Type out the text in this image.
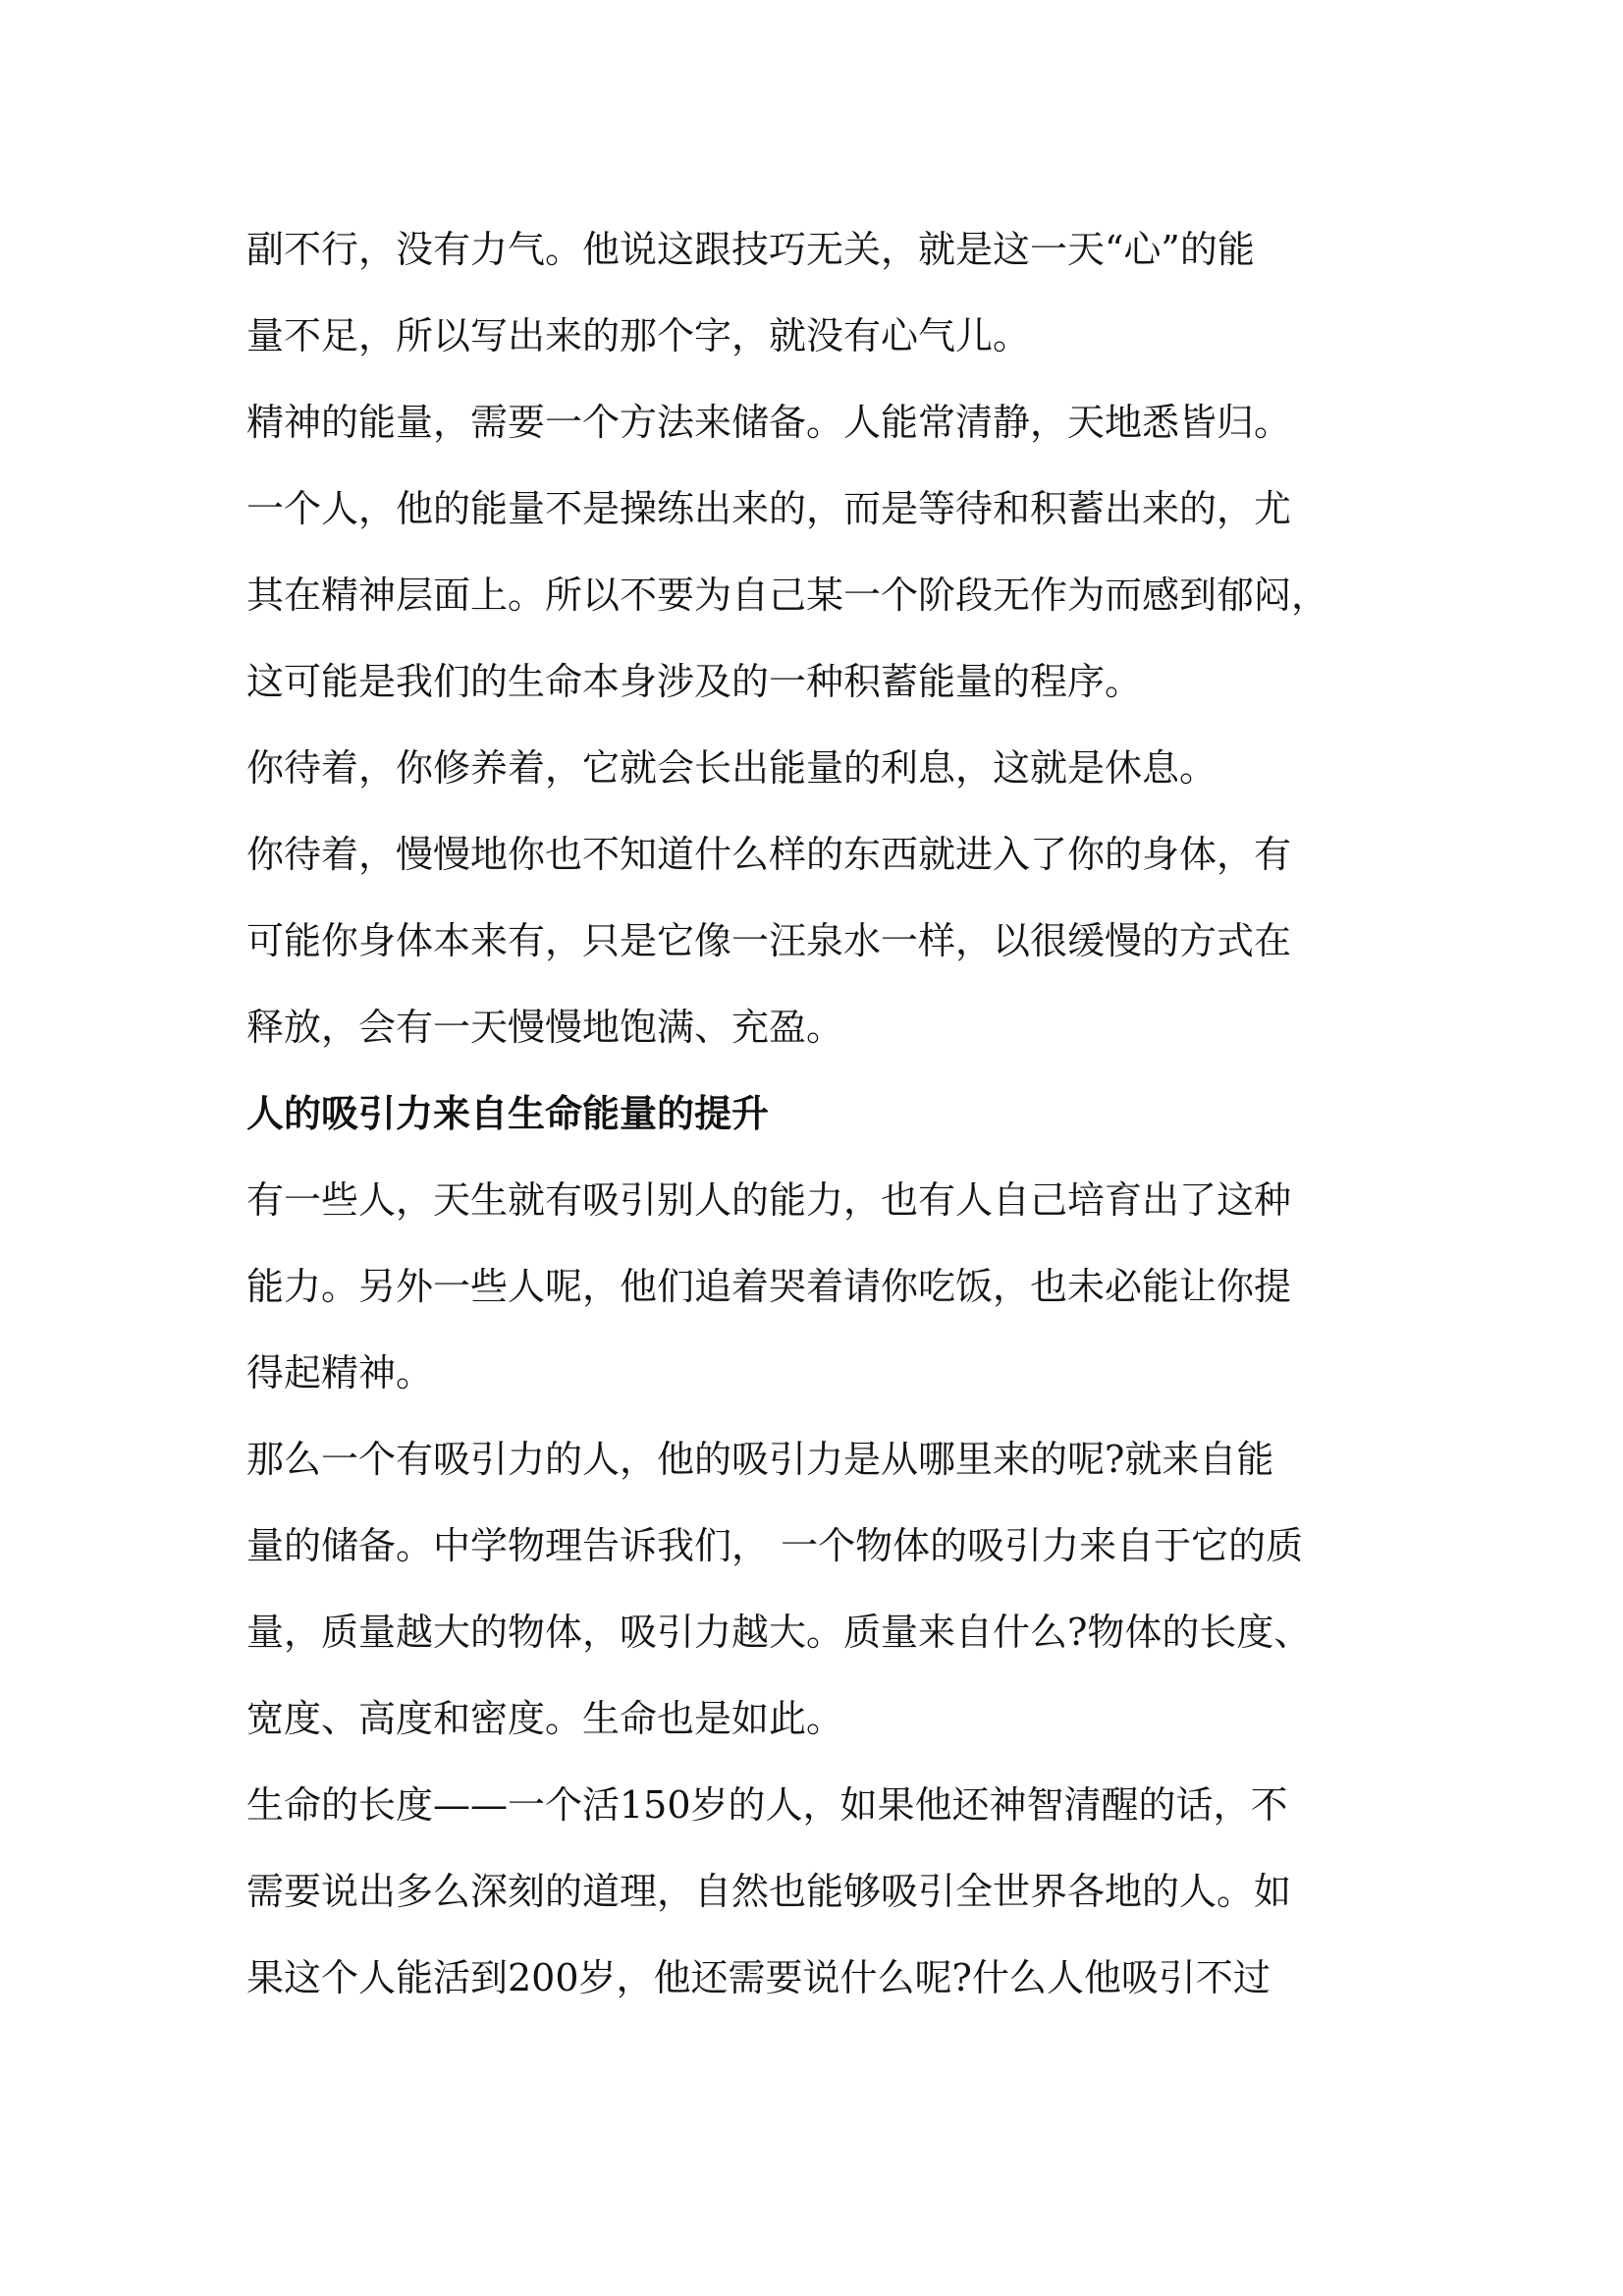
副不行，没有力气。他说这跟技巧无关，就是这一天“心”的能
量不足，所以写出来的那个字，就没有心气儿。
精神的能量，需要一个方法来储备。人能常清静，天地悉皆归。
一个人，他的能量不是操练出来的，而是等待和积蓄出来的，尤
其在精神层面上。所以不要为自己某一个阶段无作为而感到郁闷，
这可能是我们的生命本身涉及的一种积蓄能量的程序。
你待着，你修养着，它就会长出能量的利息，这就是休息。
你待着，慢慢地你也不知道什么样的东西就进入了你的身体，有
可能你身体本来有，只是它像一汪泉水一样，以很缓慢的方式在
释放，会有一天慢慢地饱满、充盈。
人的吸引力来自生命能量的提升
有一些人，天生就有吸引别人的能力，也有人自己培育出了这种
能力。另外一些人呢，他们追着哭着请你吃饭，也未必能让你提
得起精神。
那么一个有吸引力的人，他的吸引力是从哪里来的呢?就来自能
量的储备。中学物理告诉我们， 一个物体的吸引力来自于它的质
量，质量越大的物体，吸引力越大。质量来自什么?物体的长度、
宽度、高度和密度。生命也是如此。
生命的长度——一个活150岁的人，如果他还神智清醒的话，不
需要说出多么深刻的道理，自然也能够吸引全世界各地的人。如
果这个人能活到200岁，他还需要说什么呢?什么人他吸引不过
